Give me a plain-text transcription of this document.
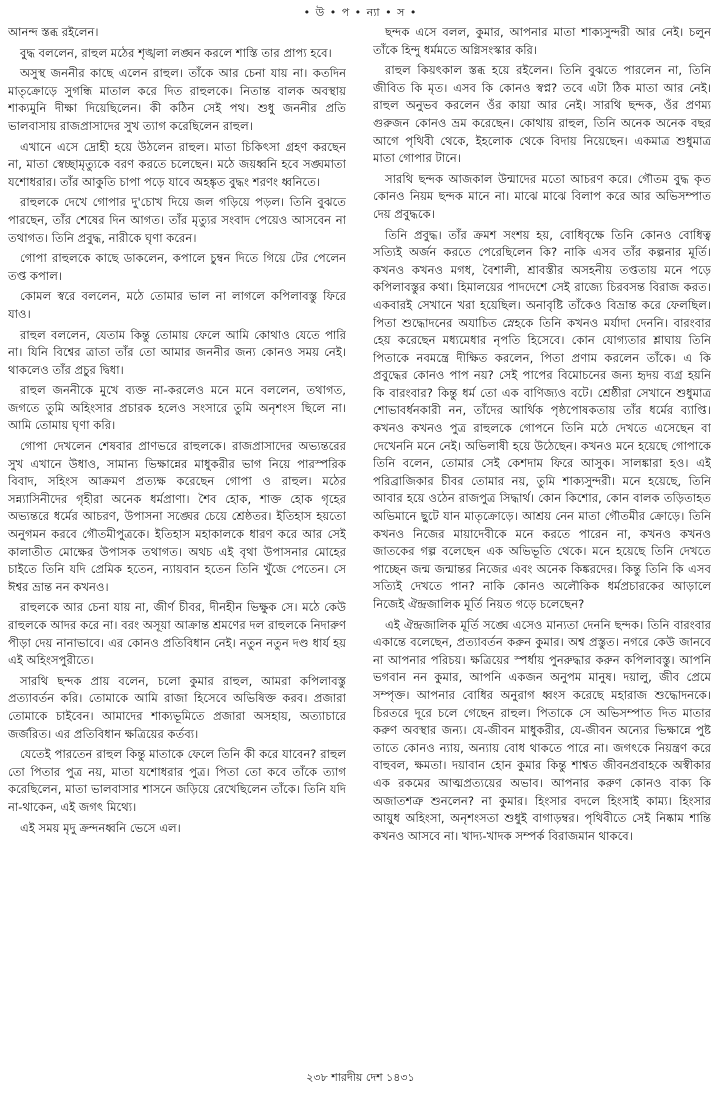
• উ • প • ন্যা • স •

আনন্দ স্তব্ধ রইলেন।

বুদ্ধ বললেন, রাহুল মঠের শৃঙ্খলা লঙ্ঘন করলে শাস্তি তার প্রাপ্য হবে।

অসুস্থ জননীর কাছে এলেন রাহুল। তাঁকে আর চেনা যায় না। কতদিন মাতৃক্রোড়ে সুগন্ধি মাতাল করে দিত রাহুলকে। নিতান্ত বালক অবস্থায় শাক্যমুনি দীক্ষা দিয়েছিলেন। কী কঠিন সেই পথ। শুধু জননীর প্রতি ভালবাসায় রাজপ্রাসাদের সুখ ত্যাগ করেছিলেন রাহুল।

এখানে এসে দ্রোহী হয়ে উঠলেন রাহুল। মাতা চিকিৎসা গ্রহণ করছেন না, মাতা স্বেচ্ছামৃত্যুকে বরণ করতে চলেছেন। মঠে জয়ধ্বনি হবে সঙ্ঘমাতা যশোধরার। তাঁর আকুতি চাপা পড়ে যাবে অহঙ্কৃত বুদ্ধং শরণং ধ্বনিতে।

রাহুলকে দেখে গোপার দু'চোখ দিয়ে জল গড়িয়ে পড়ল। তিনি বুঝতে পারছেন, তাঁর শেষের দিন আগত। তাঁর মৃত্যুর সংবাদ পেয়েও আসবেন না তথাগত। তিনি প্রবুদ্ধ, নারীকে ঘৃণা করেন।

গোপা রাহুলকে কাছে ডাকলেন, কপালে চুম্বন দিতে গিয়ে টের পেলেন তপ্ত কপাল।

কোমল স্বরে বললেন, মঠে তোমার ভাল না লাগলে কপিলাবস্তু ফিরে যাও।

রাহুল বললেন, যেতাম কিন্তু তোমায় ফেলে আমি কোথাও যেতে পারি না। যিনি বিশ্বের ত্রাতা তাঁর তো আমার জননীর জন্য কোনও সময় নেই। থাকলেও তাঁর প্রচুর দ্বিধা।

রাহুল জননীকে মুখে ব্যক্ত না-করলেও মনে মনে বললেন, তথাগত, জগতে তুমি অহিংসার প্রচারক হলেও সংসারে তুমি অনৃশংস ছিলে না। আমি তোমায় ঘৃণা করি।

গোপা দেখলেন শেষবার প্রাণভরে রাহুলকে। রাজপ্রাসাদের অভ্যন্তরের সুখ এখানে উধাও, সামান্য ভিক্ষান্নের মাধুকরীর ভাগ নিয়ে পারস্পরিক বিবাদ, সহিংস আক্রমণ প্রত্যক্ষ করেছেন গোপা ও রাহুল। মঠের সন্ন্যাসিনীদের গৃহীরা অনেক ধর্মপ্রাণা। শৈব হোক, শাক্ত হোক গৃহের অভ্যন্তরে ধর্মের আচরণ, উপাসনা সঙ্ঘের চেয়ে শ্রেষ্ঠতর। ইতিহাস হয়তো অনুগমন করবে গৌতমীপুত্রকে। ইতিহাস মহাকালকে ধারণ করে আর সেই কালাতীত মোক্ষের উপাসক তথাগত। অথচ এই বৃথা উপাসনার মোহের চাইতে তিনি যদি প্রেমিক হতেন, ন্যায়বান হতেন তিনি খুঁজে পেতেন। সে ঈশ্বর ভ্রান্ত নন কখনও।

রাহুলকে আর চেনা যায় না, জীর্ণ চীবর, দীনহীন ভিক্ষুক সে। মঠে কেউ রাহুলকে আদর করে না। বরং অসূয়া আক্রান্ত শ্রমণের দল রাহুলকে নিদারুণ পীড়া দেয় নানাভাবে। এর কোনও প্রতিবিধান নেই। নতুন নতুন দণ্ড ধার্য হয় এই অহিংসপুরীতে।

সারথি ছন্দক প্রায় বলেন, চলো কুমার রাহুল, আমরা কপিলাবস্তু প্রত্যাবর্তন করি। তোমাকে আমি রাজা হিসেবে অভিষিক্ত করব। প্রজারা তোমাকে চাইবেন। আমাদের শাক্যভূমিতে প্রজারা অসহায়, অত্যাচারে জর্জরিত। এর প্রতিবিধান ক্ষত্রিয়ের কর্তব্য।

যেতেই পারতেন রাহুল কিন্তু মাতাকে ফেলে তিনি কী করে যাবেন? রাহুল তো পিতার পুত্র নয়, মাতা যশোধরার পুত্র। পিতা তো কবে তাঁকে ত্যাগ করেছিলেন, মাতা ভালবাসার শাসনে জড়িয়ে রেখেছিলেন তাঁকে। তিনি যদি না-থাকেন, এই জগৎ মিথ্যে।

এই সময় মৃদু ক্রন্দনধ্বনি ভেসে এল।

ছন্দক এসে বলল, কুমার, আপনার মাতা শাক্যসুন্দরী আর নেই। চলুন তাঁকে হিন্দু ধর্মমতে অগ্নিসংস্কার করি।

রাহুল কিয়ৎকাল স্তব্ধ হয়ে রইলেন। তিনি বুঝতে পারলেন না, তিনি জীবিত কি মৃত। এসব কি কোনও স্বপ্ন? তবে এটা ঠিক মাতা আর নেই। রাহুল অনুভব করলেন ওঁর কায়া আর নেই। সারথি ছন্দক, ওঁর প্রণম্য গুরুজন কোনও ভ্রম করেছেন। কোথায় রাহুল, তিনি অনেক অনেক বছর আগে পৃথিবী থেকে, ইহলোক থেকে বিদায় নিয়েছেন। একমাত্র শুধুমাত্র মাতা গোপার টানে।

সারথি ছন্দক আজকাল উন্মাদের মতো আচরণ করে। গৌতম বুদ্ধ কৃত কোনও নিয়ম ছন্দক মানে না। মাঝে মাঝে বিলাপ করে আর অভিসম্পাত দেয় প্রবুদ্ধকে।

তিনি প্রবুদ্ধ। তাঁর ক্রমশ সংশয় হয়, বোধিবৃক্ষে তিনি কোনও বোধিত্ব সত্যিই অর্জন করতে পেরেছিলেন কি? নাকি এসব তাঁর কল্পনার মূর্তি। কখনও কখনও মগধ, বৈশালী, শ্রাবস্তীর অসহনীয় তপ্ততায় মনে পড়ে কপিলাবস্তুর কথা। হিমালয়ের পাদদেশে সেই রাজ্যে চিরবসন্ত বিরাজ করত। একবারই সেখানে খরা হয়েছিল। অনাবৃষ্টি তাঁকেও বিভ্রান্ত করে ফেলছিল। পিতা শুদ্ধোদনের অযাচিত স্নেহকে তিনি কখনও মর্যাদা দেননি। বারংবার হেয় করেছেন মধ্যমেধার নৃপতি হিসেবে। কোন যোগ্যতার শ্লাঘায় তিনি পিতাকে নবমন্ত্রে দীক্ষিত করলেন, পিতা প্রণাম করলেন তাঁকে। এ কি প্রবুদ্ধের কোনও পাপ নয়? সেই পাপের বিমোচনের জন্য হৃদয় ব্যগ্র হয়নি কি বারংবার? কিন্তু ধর্ম তো এক বাণিজ্যও বটে। শ্রেষ্ঠীরা সেখানে শুধুমাত্র শোভাবর্ধনকারী নন, তাঁদের আর্থিক পৃষ্ঠপোষকতায় তাঁর ধর্মের ব্যাপ্তি। কখনও কখনও পুত্র রাহুলকে গোপনে তিনি মঠে দেখতে এসেছেন বা দেখেননি মনে নেই। অভিলাষী হয়ে উঠেছেন। কখনও মনে হয়েছে গোপাকে তিনি বলেন, তোমার সেই কেশদাম ফিরে আসুক। সালঙ্কারা হও। এই পরিব্রাজিকার চীবর তোমার নয়, তুমি শাক্যসুন্দরী। মনে হয়েছে, তিনি আবার হয়ে ওঠেন রাজপুত্র সিদ্ধার্থ। কোন কিশোর, কোন বালক তড়িতাহত অভিমানে ছুটে যান মাতৃক্রোড়ে। আশ্রয় নেন মাতা গৌতমীর ক্রোড়ে। তিনি কখনও নিজের মায়াদেবীকে মনে করতে পারেন না, কখনও কখনও জাতকের গল্প বলেছেন এক অভিভূতি থেকে। মনে হয়েছে তিনি দেখতে পাচ্ছেন জন্ম জন্মান্তর নিজের এবং অনেক কিঙ্করদের। কিন্তু তিনি কি এসব সত্যিই দেখতে পান? নাকি কোনও অলৌকিক ধর্মপ্রচারকের আড়ালে নিজেই ঐন্দ্রজালিক মূর্তি নিয়ত গড়ে চলেছেন?

এই ঐন্দ্রজালিক মূর্তি সঙ্ঘে এসেও মান্যতা দেননি ছন্দক। তিনি বারংবার একান্তে বলেছেন, প্রত্যাবর্তন করুন কুমার। অশ্ব প্রস্তুত। নগরে কেউ জানবে না আপনার পরিচয়। ক্ষত্রিয়ের স্পর্ধায় পুনরুদ্ধার করুন কপিলাবস্তু। আপনি ভগবান নন কুমার, আপনি একজন অনুপম মানুষ। দয়ালু, জীব প্রেমে সম্পৃক্ত। আপনার বোধির অনুরাগ ধ্বংস করেছে মহারাজ শুদ্ধোদনকে। চিরতরে দূরে চলে গেছেন রাহুল। পিতাকে সে অভিসম্পাত দিত মাতার করুণ অবস্থার জন্য। যে-জীবন মাধুকরীর, যে-জীবন অন্যের ভিক্ষান্নে পুষ্ট তাতে কোনও ন্যায়, অন্যায় বোধ থাকতে পারে না। জগৎকে নিয়ন্ত্রণ করে বাহুবল, ক্ষমতা। দয়াবান হোন কুমার কিন্তু শাশ্বত জীবনপ্রবাহকে অস্বীকার এক রকমের আত্মপ্রত্যয়ের অভাব। আপনার করুণ কোনও বাক্য কি অজাতশত্রু শুনলেন? না কুমার। হিংসার বদলে হিংসাই কাম্য। হিংসার আয়ুধ অহিংসা, অনৃশংসতা শুধুই বাগাড়ম্বর। পৃথিবীতে সেই নিষ্কাম শান্তি কখনও আসবে না। খাদ্য-খাদক সম্পর্ক বিরাজমান থাকবে।

২৩৮ শারদীয় দেশ ১৪৩১
